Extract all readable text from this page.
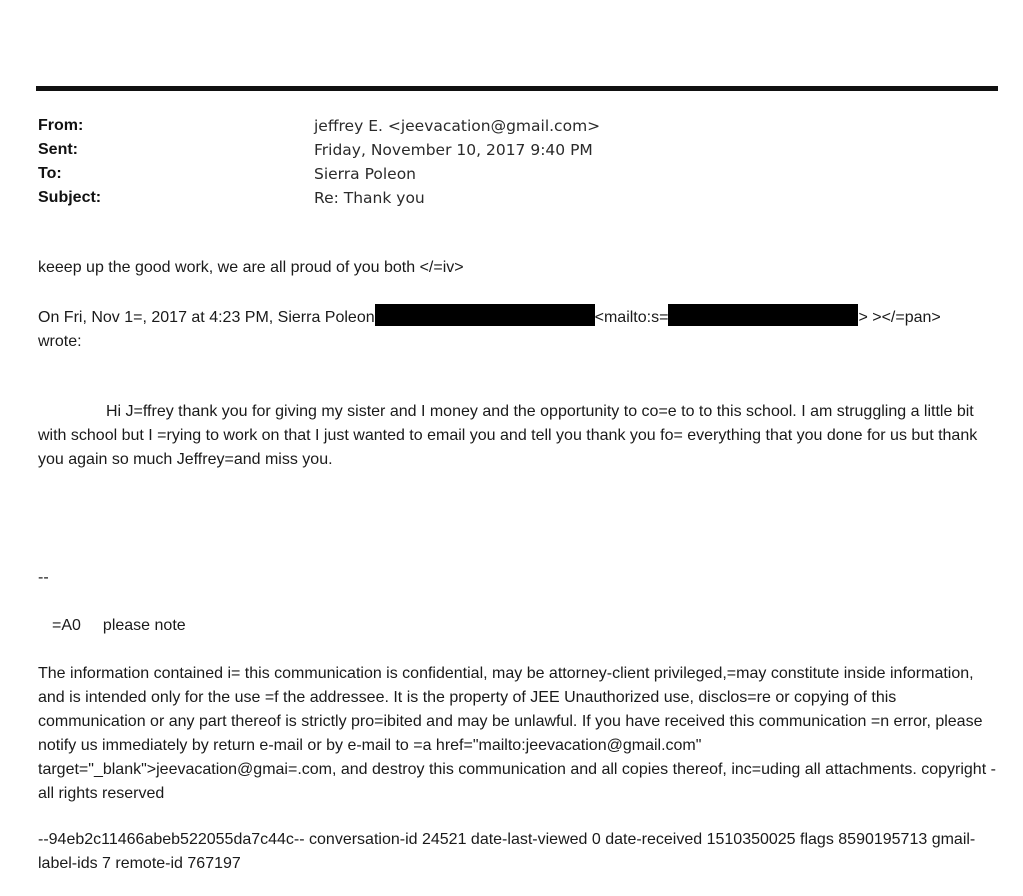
From:	jeffrey E. <jeevacation@gmail.com>
Sent:	Friday, November 10, 2017 9:40 PM
To:	Sierra Poleon
Subject:	Re: Thank you
keeep up the good work, we are all proud of you both </=iv>
On Fri, Nov 1=, 2017 at 4:23 PM, Sierra Poleon	<mailto:s=	> ></=pan>
wrote:
Hi J=ffrey thank you for giving my sister and I money and the opportunity to co=e to to this school. I am struggling a little bit with school but I =rying to work on that I just wanted to email you and tell you thank you fo= everything that you done for us but thank you again so much Jeffrey=and miss you.
--
=A0 please note
The information contained i= this communication is confidential, may be attorney-client privileged,=may constitute inside information, and is intended only for the use =f the addressee. It is the property of JEE Unauthorized use, disclos=re or copying of this communication or any part thereof is strictly pro=ibited and may be unlawful. If you have received this communication =n error, please notify us immediately by return e-mail or by e-mail to =a href="mailto:jeevacation@gmail.com" target="_blank">jeevacation@gmai=.com, and destroy this communication and all copies thereof, inc=uding all attachments. copyright -all rights reserved
--94eb2c11466abeb522055da7c44c-- conversation-id 24521 date-last-viewed 0 date-received 1510350025 flags 8590195713 gmail-label-ids 7 remote-id 767197
